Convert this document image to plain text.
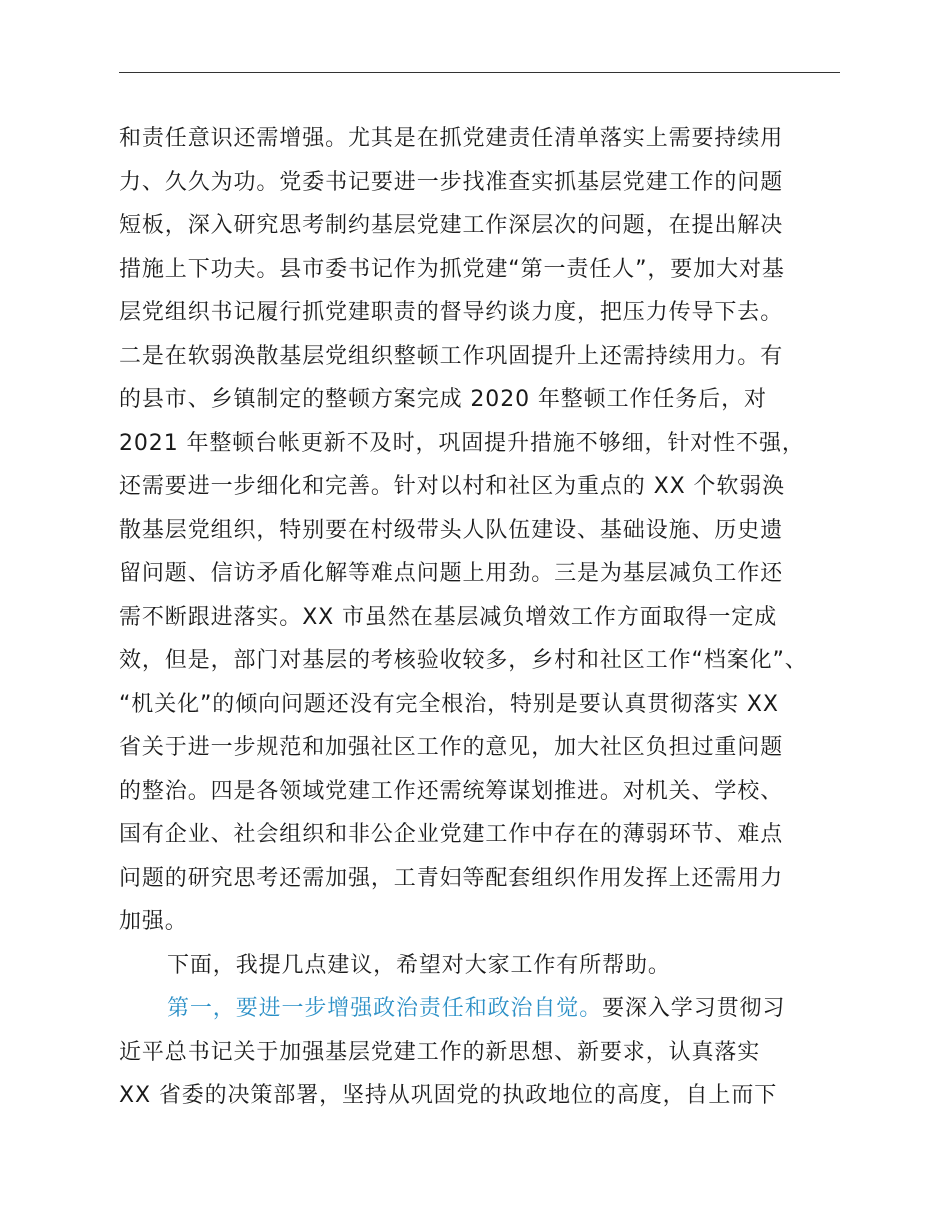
和责任意识还需增强。尤其是在抓党建责任清单落实上需要持续用
力、久久为功。党委书记要进一步找准查实抓基层党建工作的问题
短板，深入研究思考制约基层党建工作深层次的问题，在提出解决
措施上下功夫。县市委书记作为抓党建“第一责任人”，要加大对基
层党组织书记履行抓党建职责的督导约谈力度，把压力传导下去。
二是在软弱涣散基层党组织整顿工作巩固提升上还需持续用力。有
的县市、乡镇制定的整顿方案完成 2020 年整顿工作任务后，对
2021 年整顿台帐更新不及时，巩固提升措施不够细，针对性不强，
还需要进一步细化和完善。针对以村和社区为重点的 XX 个软弱涣
散基层党组织，特别要在村级带头人队伍建设、基础设施、历史遗
留问题、信访矛盾化解等难点问题上用劲。三是为基层减负工作还
需不断跟进落实。XX 市虽然在基层减负增效工作方面取得一定成
效，但是，部门对基层的考核验收较多，乡村和社区工作“档案化”、
“机关化”的倾向问题还没有完全根治，特别是要认真贯彻落实 XX
省关于进一步规范和加强社区工作的意见，加大社区负担过重问题
的整治。四是各领域党建工作还需统筹谋划推进。对机关、学校、
国有企业、社会组织和非公企业党建工作中存在的薄弱环节、难点
问题的研究思考还需加强，工青妇等配套组织作用发挥上还需用力
加强。
下面，我提几点建议，希望对大家工作有所帮助。
第一，要进一步增强政治责任和政治自觉。要深入学习贯彻习
近平总书记关于加强基层党建工作的新思想、新要求，认真落实
XX 省委的决策部署，坚持从巩固党的执政地位的高度，自上而下
